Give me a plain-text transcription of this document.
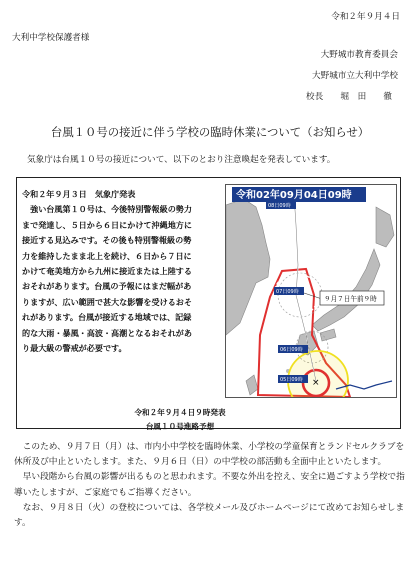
令和２年９月４日
大利中学校保護者様
大野城市教育委員会
大野城市立大利中学校
校長　　堀　田　　徹
台風１０号の接近に伴う学校の臨時休業について（お知らせ）
気象庁は台風１０号の接近について、以下のとおり注意喚起を発表しています。
令和２年９月３日　気象庁発表

　強い台風第１０号は、今後特別警報級の勢力

まで発達し、５日から６日にかけて沖縄地方に

接近する見込みです。その後も特別警報級の勢

力を維持したまま北上を続け、６日から７日に

かけて奄美地方から九州に接近または上陸する

おそれがあります。台風の予報にはまだ幅があ

りますが、広い範囲で甚大な影響を受けるおそ

れがあります。台風が接近する地域では、記録

的な大雨・暴風・高波・高潮となるおそれがあ

り最大級の警戒が必要です。

×
08日09時
07日09時
06日09時
05日09時
令和02年09月04日09時
９月７日午前９時
令和２年９月４日９時発表
台風１０号進路予想

　このため、９月７日（月）は、市内小中学校を臨時休業、小学校の学童保育とランドセルクラブを休所及び中止といたします。また、９月６日（日）の中学校の部活動も全面中止といたします。

　早い段階から台風の影響が出るものと思われます。不要な外出を控え、安全に過ごすよう学校で指導いたしますが、ご家庭でもご指導ください。

　なお、９月８日（火）の登校については、各学校メール及びホームページにて改めてお知らせします。
